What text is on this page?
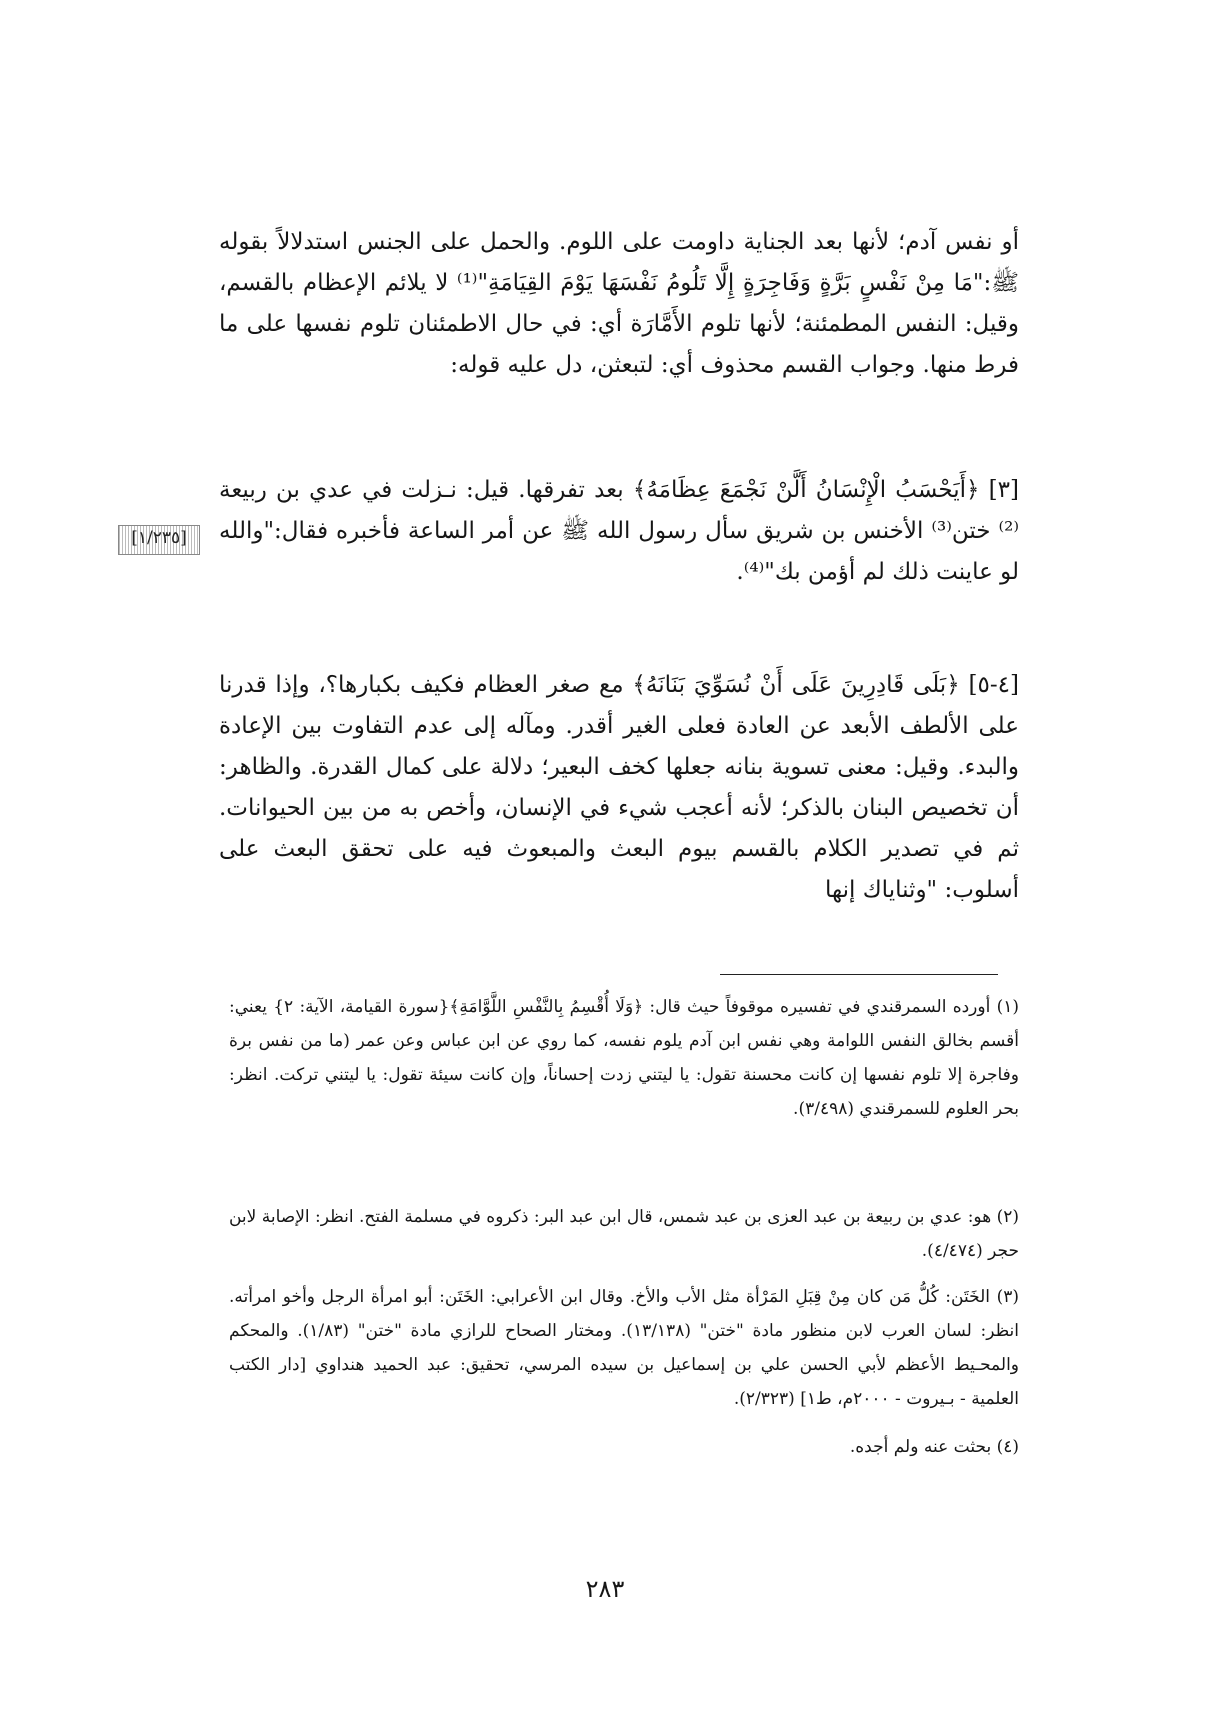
أو نفس آدم؛ لأنها بعد الجناية داومت على اللوم. والحمل على الجنس استدلالاً بقوله ﷺ:"مَا مِنْ نَفْسٍ بَرَّةٍ وَفَاجِرَةٍ إِلَّا تَلُومُ نَفْسَهَا يَوْمَ القِيَامَةِ"⁽¹⁾ لا يلائم الإعظام بالقسم، وقيل: النفس المطمئنة؛ لأنها تلوم الأَمَّارَة أي: في حال الاطمئنان تلوم نفسها على ما فرط منها. وجواب القسم محذوف أي: لتبعثن، دل عليه قوله:
[٣] ﴿أَيَحْسَبُ الْإِنْسَانُ أَلَّنْ نَجْمَعَ عِظَامَهُ﴾ بعد تفرقها. قيل: نـزلت في عدي بن ربيعة ⁽²⁾ ختن⁽³⁾ الأخنس بن شريق سأل رسول الله ﷺ عن أمر الساعة فأخبره فقال:"والله لو عاينت ذلك لم أؤمن بك"⁽⁴⁾.
[١/٢٣٥]
[٤-٥] ﴿بَلَى قَادِرِينَ عَلَى أَنْ نُسَوِّيَ بَنَانَهُ﴾ مع صغر العظام فكيف بكبارها؟، وإذا قدرنا على الألطف الأبعد عن العادة فعلى الغير أقدر. ومآله إلى عدم التفاوت بين الإعادة والبدء. وقيل: معنى تسوية بنانه جعلها كخف البعير؛ دلالة على كمال القدرة. والظاهر: أن تخصيص البنان بالذكر؛ لأنه أعجب شيء في الإنسان، وأخص به من بين الحيوانات. ثم في تصدير الكلام بالقسم بيوم البعث والمبعوث فيه على تحقق البعث على أسلوب: "وثناياك إنها
(١) أورده السمرقندي في تفسيره موقوفاً حيث قال: ﴿وَلَا أُقْسِمُ بِالنَّفْسِ اللَّوَّامَةِ﴾{سورة القيامة، الآية: ٢} يعني: أقسم بخالق النفس اللوامة وهي نفس ابن آدم يلوم نفسه، كما روي عن ابن عباس وعن عمر (ما من نفس برة وفاجرة إلا تلوم نفسها إن كانت محسنة تقول: يا ليتني زدت إحساناً، وإن كانت سيئة تقول: يا ليتني تركت. انظر: بحر العلوم للسمرقندي (٣/٤٩٨).
(٢) هو: عدي بن ربيعة بن عبد العزى بن عبد شمس، قال ابن عبد البر: ذكروه في مسلمة الفتح. انظر: الإصابة لابن حجر (٤/٤٧٤).
(٣) الخَتَن: كُلُّ مَن كان مِنْ قِبَلِ المَرْأة مثل الأب والأخ. وقال ابن الأعرابي: الخَتَن: أبو امرأة الرجل وأخو امرأته. انظر: لسان العرب لابن منظور مادة "ختن" (١٣/١٣٨). ومختار الصحاح للرازي مادة "ختن" (١/٨٣). والمحكم والمحـيط الأعظم لأبي الحسن علي بن إسماعيل بن سيده المرسي، تحقيق: عبد الحميد هنداوي [دار الكتب العلمية - بـيروت - ٢٠٠٠م، ط١] (٢/٣٢٣).
(٤) بحثت عنه ولم أجده.
٢٨٣
